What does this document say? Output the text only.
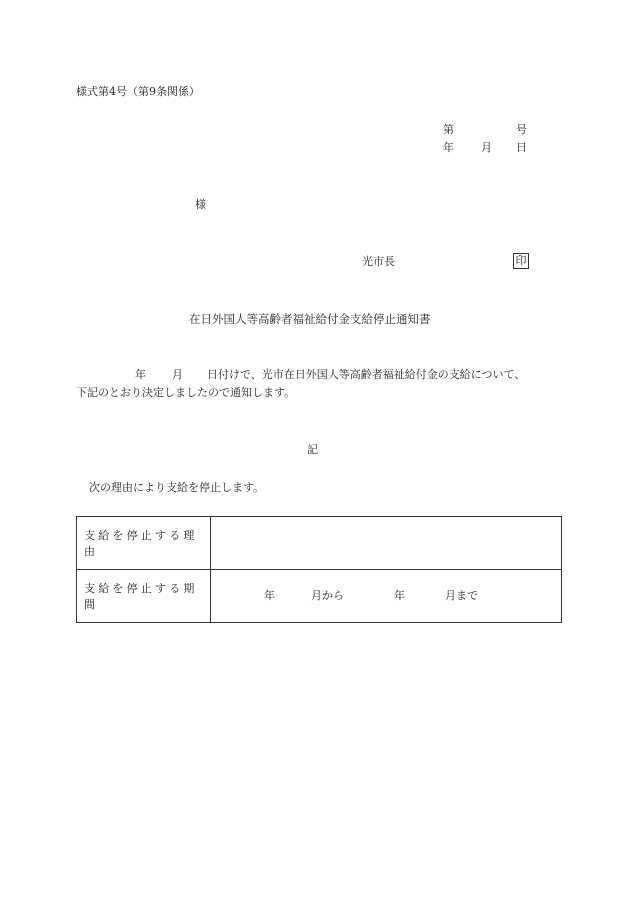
様式第4号（第9条関係）
第	号
年 月 日
様
光市長	印
在日外国人等高齢者福祉給付金支給停止通知書
年 月 日付けで、光市在日外国人等高齢者福祉給付金の支給について、
下記のとおり決定しましたので通知します。
記
次の理由により支給を停止します。
支給を停止する理由	
支給を停止する期間	年 月から 年 月まで
